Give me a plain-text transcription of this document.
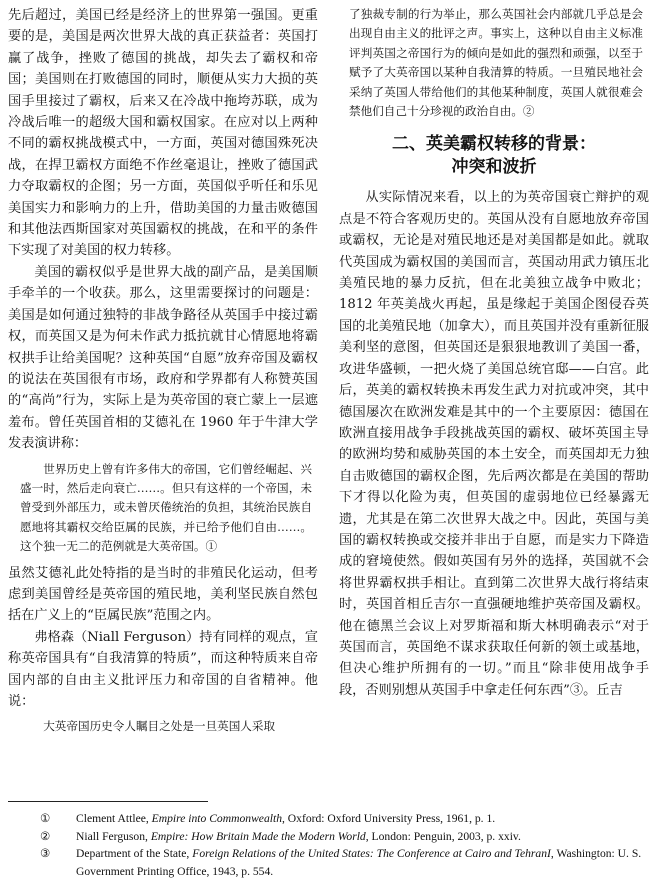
先后超过，美国已经是经济上的世界第一强国。更重要的是，美国是两次世界大战的真正获益者：英国打赢了战争，挫败了德国的挑战，却失去了霸权和帝国；美国则在打败德国的同时，顺便从实力大损的英国手里接过了霸权，后来又在冷战中拖垮苏联，成为冷战后唯一的超级大国和霸权国家。在应对以上两种不同的霸权挑战模式中，一方面，英国对德国殊死决战，在捍卫霸权方面绝不作丝毫退让，挫败了德国武力夺取霸权的企图；另一方面，英国似乎听任和乐见美国实力和影响力的上升，借助美国的力量击败德国和其他法西斯国家对英国霸权的挑战，在和平的条件下实现了对美国的权力转移。

美国的霸权似乎是世界大战的副产品，是美国顺手牵羊的一个收获。那么，这里需要探讨的问题是：美国是如何通过独特的非战争路径从英国手中接过霸权，而英国又是为何未作武力抵抗就甘心情愿地将霸权拱手让给美国呢？这种英国“自愿”放弃帝国及霸权的说法在英国很有市场，政府和学界都有人称赞英国的“高尚”行为，实际上是为英帝国的衰亡蒙上一层遮羞布。曾任英国首相的艾德礼在 1960 年于牛津大学发表演讲称：

世界历史上曾有许多伟大的帝国，它们曾经崛起、兴盛一时，然后走向衰亡……。但只有这样的一个帝国，未曾受到外部压力，或未曾厌倦统治的负担，其统治民族自愿地将其霸权交给臣属的民族，并已给予他们自由……。这个独一无二的范例就是大英帝国。①

虽然艾德礼此处特指的是当时的非殖民化运动，但考虑到美国曾经是英帝国的殖民地，美利坚民族自然包括在广义上的“臣属民族”范围之内。

弗格森（Niall Ferguson）持有同样的观点，宣称英帝国具有“自我清算的特质”，而这种特质来自帝国内部的自由主义批评压力和帝国的自省精神。他说：

大英帝国历史令人瞩目之处是一旦英国人采取

了独裁专制的行为举止，那么英国社会内部就几乎总是会出现自由主义的批评之声。事实上，这种以自由主义标准评判英国之帝国行为的倾向是如此的强烈和顽强，以至于赋予了大英帝国以某种自我清算的特质。一旦殖民地社会采纳了英国人带给他们的其他某种制度，英国人就很难会禁他们自己十分珍视的政治自由。②

二、英美霸权转移的背景：
冲突和波折

从实际情况来看，以上的为英帝国衰亡辩护的观点是不符合客观历史的。英国从没有自愿地放弃帝国或霸权，无论是对殖民地还是对美国都是如此。就取代英国成为霸权国的美国而言，英国动用武力镇压北美殖民地的暴力反抗，但在北美独立战争中败北；1812 年英美战火再起，虽是缘起于美国企图侵吞英国的北美殖民地（加拿大），而且英国并没有重新征服美利坚的意图，但英国还是狠狠地教训了美国一番，攻进华盛顿，一把火烧了美国总统官邸——白宫。此后，英美的霸权转换未再发生武力对抗或冲突，其中德国屡次在欧洲发难是其中的一个主要原因：德国在欧洲直接用战争手段挑战英国的霸权、破坏英国主导的欧洲均势和威胁英国的本土安全，而英国却无力独自击败德国的霸权企图，先后两次都是在美国的帮助下才得以化险为夷，但英国的虚弱地位已经暴露无遗，尤其是在第二次世界大战之中。因此，英国与美国的霸权转换或交接并非出于自愿，而是实力下降造成的窘境使然。假如英国有另外的选择，英国就不会将世界霸权拱手相让。直到第二次世界大战行将结束时，英国首相丘吉尔一直强硬地维护英帝国及霸权。他在德黑兰会议上对罗斯福和斯大林明确表示“对于英国而言，英国绝不谋求获取任何新的领土或基地，但决心维护所拥有的一切。”而且“除非使用战争手段，否则别想从英国手中拿走任何东西”③。丘吉

①	Clement Attlee, Empire into Commonwealth, Oxford: Oxford University Press, 1961, p. 1.
②	Niall Ferguson, Empire: How Britain Made the Modern World, London: Penguin, 2003, p. xxiv.
③	Department of the State, Foreign Relations of the United States: The Conference at Cairo and TehranI, Washington: U. S. Government Printing Office, 1943, p. 554.
